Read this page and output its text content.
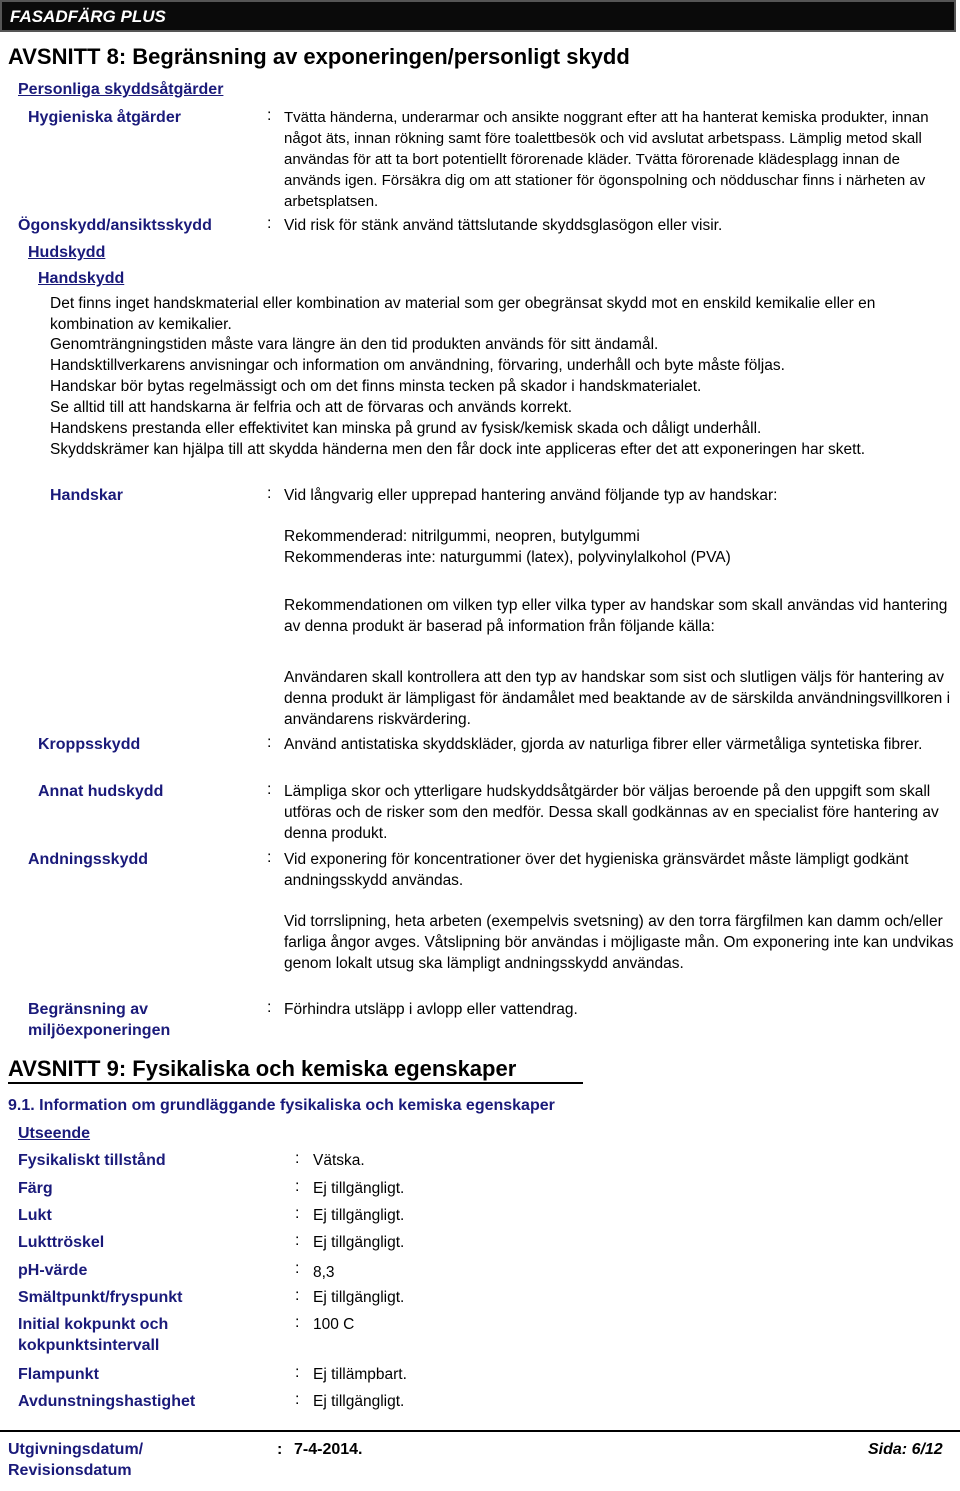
FASADFÄRG PLUS
AVSNITT 8: Begränsning av exponeringen/personligt skydd
Personliga skyddsåtgärder
Hygieniska åtgärder	: Tvätta händerna, underarmar och ansikte noggrant efter att ha hanterat kemiska produkter, innan något äts, innan rökning samt före toalettbesök och vid avslutat arbetspass. Lämplig metod skall användas för att ta bort potentiellt förorenade kläder. Tvätta förorenade klädesplagg innan de används igen. Försäkra dig om att stationer för ögonspolning och nödduschar finns i närheten av arbetsplatsen.
Ögonskydd/ansiktsskydd	: Vid risk för stänk använd tättslutande skyddsglasögon eller visir.
Hudskydd
Handskydd
Det finns inget handskmaterial eller kombination av material som ger obegränsat skydd mot en enskild kemikalie eller en kombination av kemikalier.
Genomträngningstiden måste vara längre än den tid produkten används för sitt ändamål.
Handsktillverkarens anvisningar och information om användning, förvaring, underhåll och byte måste följas.
Handskar bör bytas regelmässigt och om det finns minsta tecken på skador i handskmaterialet.
Se alltid till att handskarna är felfria och att de förvaras och används korrekt.
Handskens prestanda eller effektivitet kan minska på grund av fysisk/kemisk skada och dåligt underhåll.
Skyddskrämer kan hjälpa till att skydda händerna men den får dock inte appliceras efter det att exponeringen har skett.
Handskar	: Vid långvarig eller upprepad hantering använd följande typ av handskar:
Rekommenderad: nitrilgummi, neopren, butylgummi
Rekommenderas inte: naturgummi (latex), polyvinylalkohol (PVA)
Rekommendationen om vilken typ eller vilka typer av handskar som skall användas vid hantering av denna produkt är baserad på information från följande källa:
Användaren skall kontrollera att den typ av handskar som sist och slutligen väljs för hantering av denna produkt är lämpligast för ändamålet med beaktande av de särskilda användningsvillkoren i användarens riskvärdering.
Kroppsskydd	: Använd antistatiska skyddskläder, gjorda av naturliga fibrer eller värmetåliga syntetiska fibrer.
Annat hudskydd	: Lämpliga skor och ytterligare hudskyddsåtgärder bör väljas beroende på den uppgift som skall utföras och de risker som den medför. Dessa skall godkännas av en specialist före hantering av denna produkt.
Andningsskydd	: Vid exponering för koncentrationer över det hygieniska gränsvärdet måste lämpligt godkänt andningsskydd användas.
Vid torrslipning, heta arbeten (exempelvis svetsning) av den torra färgfilmen kan damm och/eller farliga ångor avges. Våtslipning bör användas i möjligaste mån. Om exponering inte kan undvikas genom lokalt utsug ska lämpligt andningsskydd användas.
Begränsning av
miljöexponeringen
: Förhindra utsläpp i avlopp eller vattendrag.
AVSNITT 9: Fysikaliska och kemiska egenskaper
9.1. Information om grundläggande fysikaliska och kemiska egenskaper
Utseende
Fysikaliskt tillstånd	: Vätska.
Färg	: Ej tillgängligt.
Lukt	: Ej tillgängligt.
Lukttröskel	: Ej tillgängligt.
pH-värde	: 8,3
Smältpunkt/fryspunkt	: Ej tillgängligt.
Initial kokpunkt och kokpunktsintervall
: 100 C
Flampunkt	: Ej tillämpbart.
Avdunstningshastighet	: Ej tillgängligt.
Utgivningsdatum/
Revisionsdatum
: 7-4-2014.	Sida: 6/12
